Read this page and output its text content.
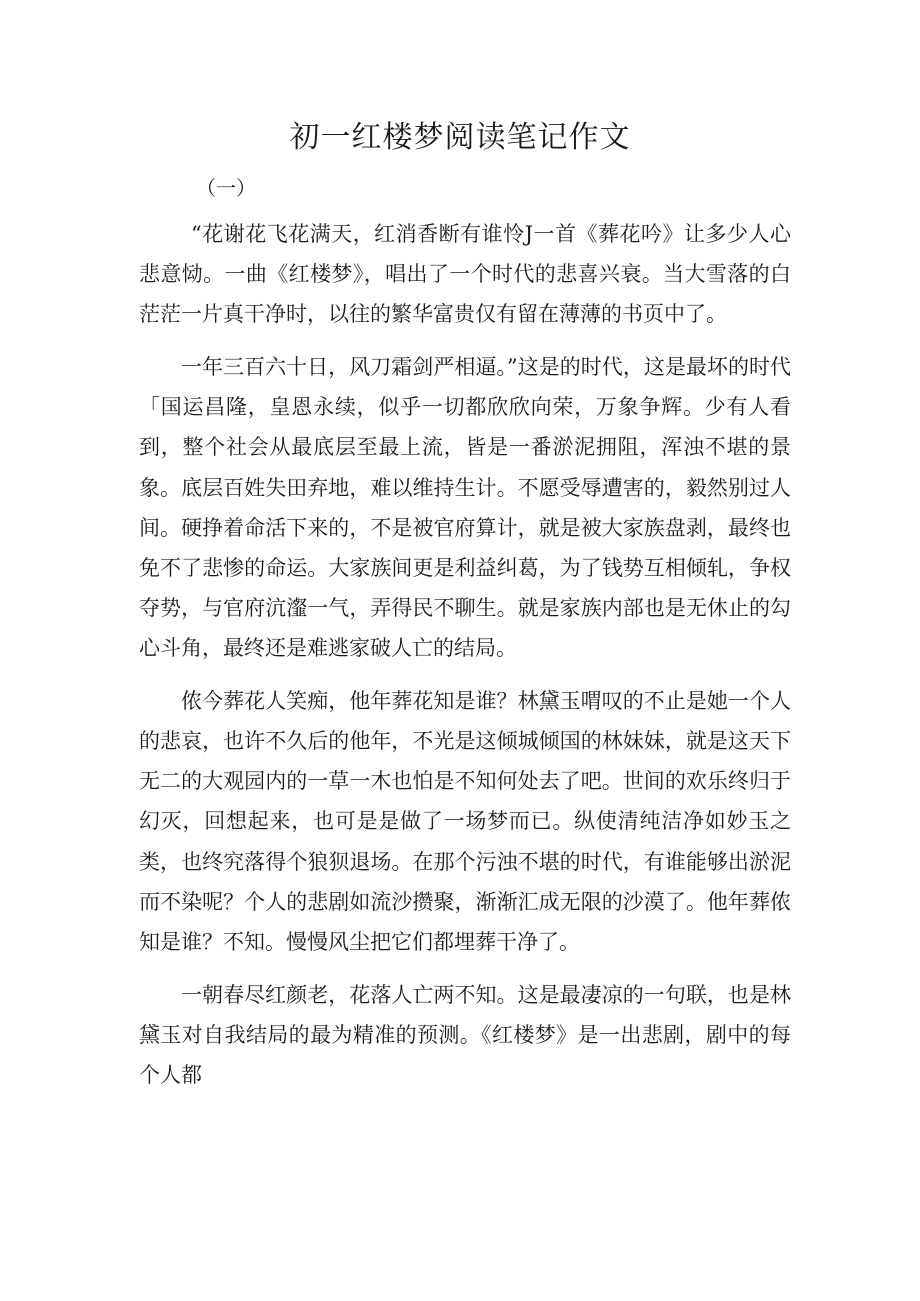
初一红楼梦阅读笔记作文
（一）

“花谢花飞花满天，红消香断有谁怜J一首《葬花吟》让多少人心悲意恸。一曲《红楼梦》，唱出了一个时代的悲喜兴衰。当大雪落的白茫茫一片真干净时，以往的繁华富贵仅有留在薄薄的书页中了。

一年三百六十日，风刀霜剑严相逼。”这是的时代，这是最坏的时代「国运昌隆，皇恩永续，似乎一切都欣欣向荣，万象争辉。少有人看到，整个社会从最底层至最上流，皆是一番淤泥拥阻，浑浊不堪的景象。底层百姓失田弃地，难以维持生计。不愿受辱遭害的，毅然别过人间。硬挣着命活下来的，不是被官府算计，就是被大家族盘剥，最终也免不了悲惨的命运。大家族间更是利益纠葛，为了钱势互相倾轧，争权夺势，与官府沆瀣一气，弄得民不聊生。就是家族内部也是无休止的勾心斗角，最终还是难逃家破人亡的结局。

侬今葬花人笑痴，他年葬花知是谁？林黛玉喟叹的不止是她一个人的悲哀，也许不久后的他年，不光是这倾城倾国的林妹妹，就是这天下无二的大观园内的一草一木也怕是不知何处去了吧。世间的欢乐终归于幻灭，回想起来，也可是是做了一场梦而已。纵使清纯洁净如妙玉之类，也终究落得个狼狈退场。在那个污浊不堪的时代，有谁能够出淤泥而不染呢？个人的悲剧如流沙攒聚，渐渐汇成无限的沙漠了。他年葬侬知是谁？不知。慢慢风尘把它们都埋葬干净了。

一朝春尽红颜老，花落人亡两不知。这是最凄凉的一句联，也是林黛玉对自我结局的最为精准的预测。《红楼梦》是一出悲剧，剧中的每个人都
